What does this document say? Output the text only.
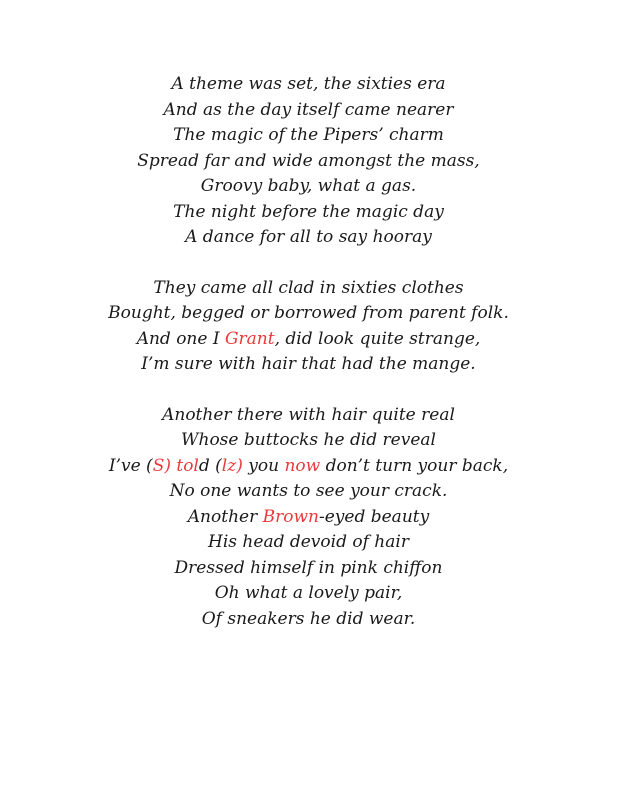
A theme was set, the sixties era
And as the day itself came nearer
The magic of the Pipers’ charm
Spread far and wide amongst the mass,
Groovy baby, what a gas.
The night before the magic day
A dance for all to say hooray
They came all clad in sixties clothes
Bought, begged or borrowed from parent folk.
And one I Grant, did look quite strange,
I’m sure with hair that had the mange.
Another there with hair quite real
Whose buttocks he did reveal
I’ve (S) told (lz) you now don’t turn your back,
No one wants to see your crack.
Another Brown-eyed beauty
His head devoid of hair
Dressed himself in pink chiffon
Oh what a lovely pair,
Of sneakers he did wear.
